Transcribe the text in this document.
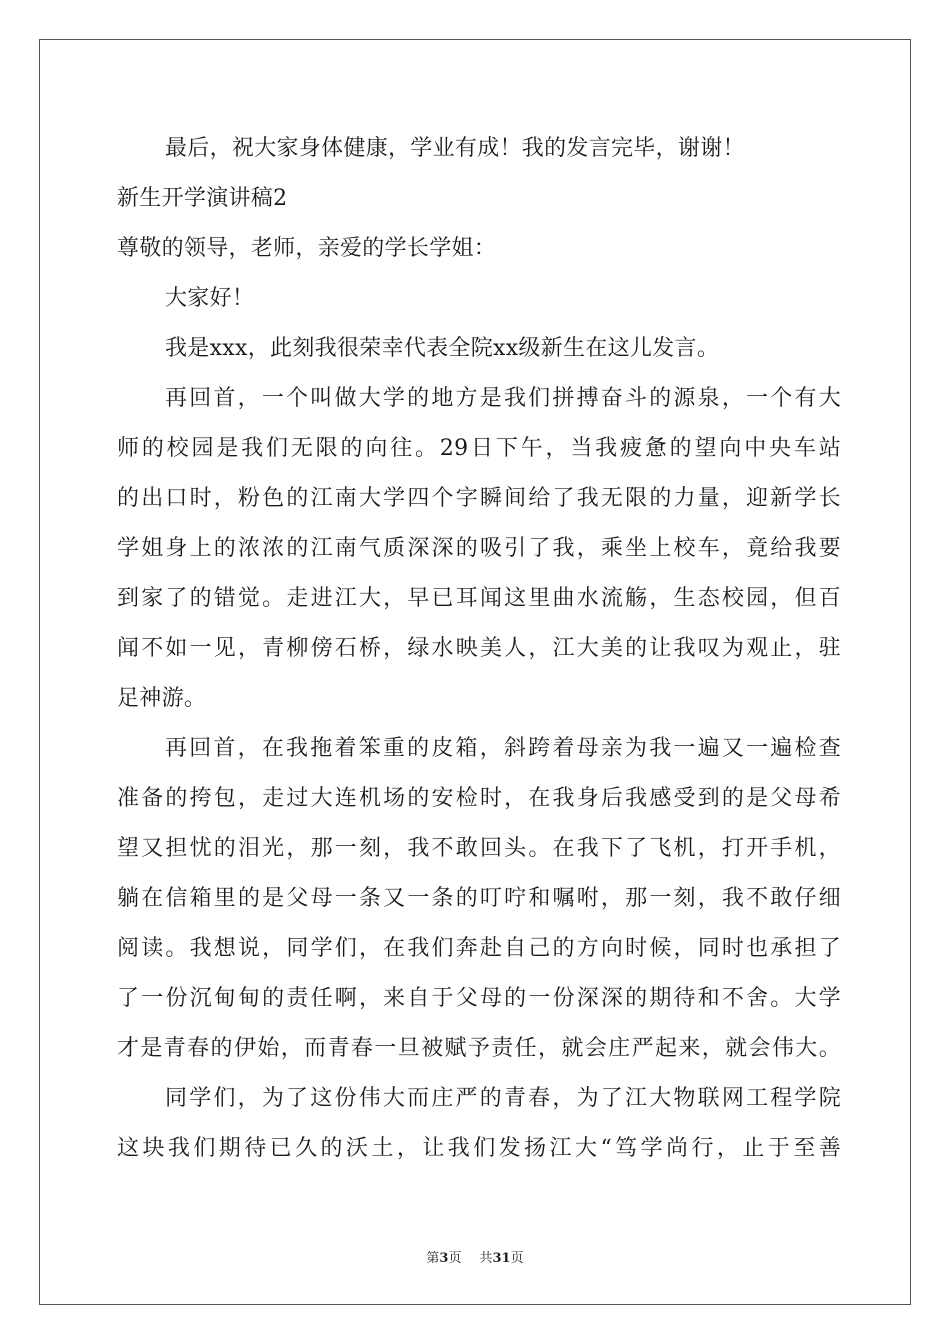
最后，祝大家身体健康，学业有成！我的发言完毕，谢谢！
新生开学演讲稿2
尊敬的领导，老师，亲爱的学长学姐：
大家好！
我是xxx，此刻我很荣幸代表全院xx级新生在这儿发言。
再回首，一个叫做大学的地方是我们拼搏奋斗的源泉，一个有大
师的校园是我们无限的向往。29日下午，当我疲惫的望向中央车站
的出口时，粉色的江南大学四个字瞬间给了我无限的力量，迎新学长
学姐身上的浓浓的江南气质深深的吸引了我，乘坐上校车，竟给我要
到家了的错觉。走进江大，早已耳闻这里曲水流觞，生态校园，但百
闻不如一见，青柳傍石桥，绿水映美人，江大美的让我叹为观止，驻
足神游。
再回首，在我拖着笨重的皮箱，斜跨着母亲为我一遍又一遍检查
准备的挎包，走过大连机场的安检时，在我身后我感受到的是父母希
望又担忧的泪光，那一刻，我不敢回头。在我下了飞机，打开手机，
躺在信箱里的是父母一条又一条的叮咛和嘱咐，那一刻，我不敢仔细
阅读。我想说，同学们，在我们奔赴自己的方向时候，同时也承担了
了一份沉甸甸的责任啊，来自于父母的一份深深的期待和不舍。大学
才是青春的伊始，而青春一旦被赋予责任，就会庄严起来，就会伟大。
同学们，为了这份伟大而庄严的青春，为了江大物联网工程学院
这块我们期待已久的沃土，让我们发扬江大“笃学尚行，止于至善
第3页 共31页
